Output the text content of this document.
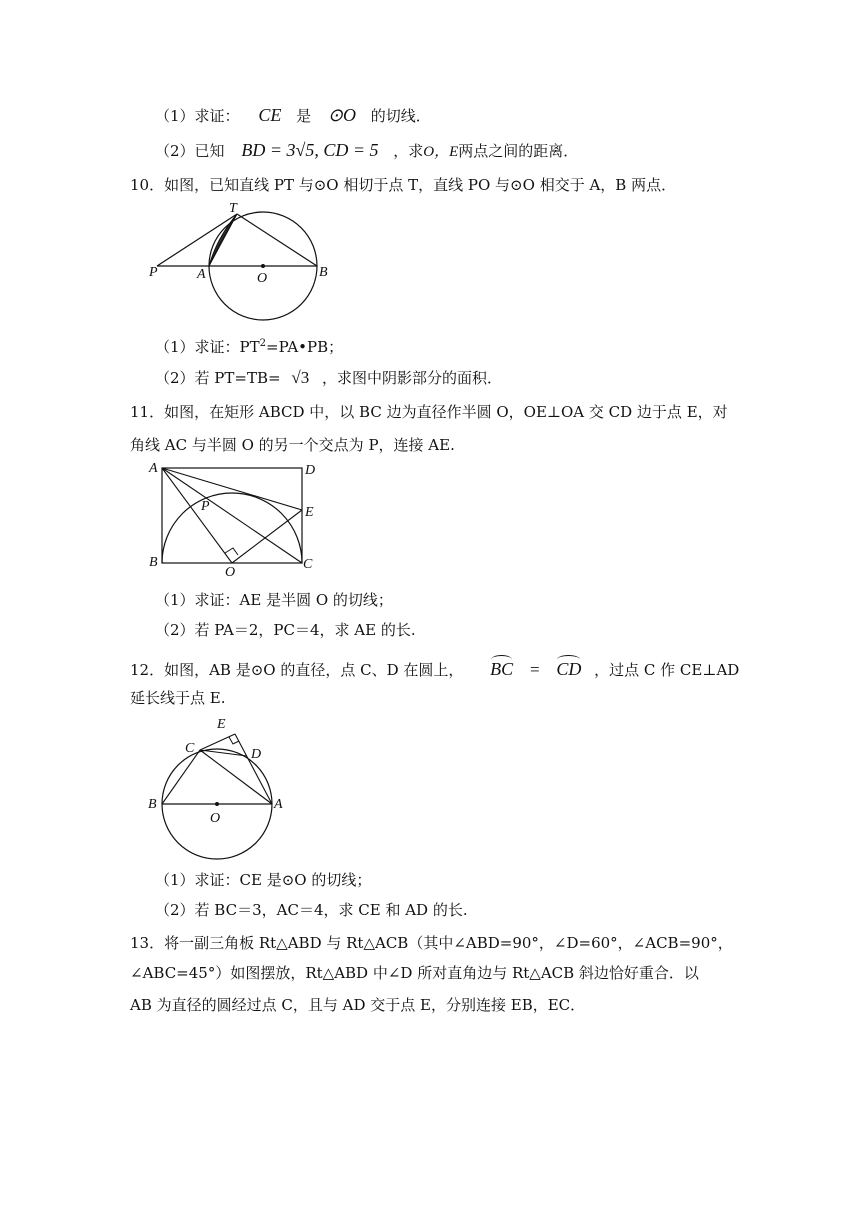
（1）求证： CE 是 ⊙O 的切线．
（2）已知 BD = 3√5, CD = 5 ，求O，E两点之间的距离．
10．如图，已知直线 PT 与⊙O 相切于点 T，直线 PO 与⊙O 相交于 A，B 两点．
T
P	A	O	B
（1）求证：$PT^2=PA•PB$；
（2）若 PT=TB= √3 ，求图中阴影部分的面积．
11．如图，在矩形 ABCD 中，以 BC 边为直径作半圆 O，OE⊥OA 交 CD 边于点 E，对
角线 AC 与半圆 O 的另一个交点为 P，连接 AE.
A	D
P	E
B
O
C
（1）求证：AE 是半圆 O 的切线；
（2）若 PA＝2，PC＝4，求 AE 的长.
12．如图，AB 是⊙O 的直径，点 C、D 在圆上， BC = CD ，过点 C 作 CE⊥AD
延长线于点 E.
E
C	D
B
O
A
（1）求证：CE 是⊙O 的切线；
（2）若 BC＝3，AC＝4，求 CE 和 AD 的长.
13．将一副三角板 Rt△ABD 与 Rt△ACB（其中∠ABD=90°，∠D=60°，∠ACB=90°，
∠ABC=45°）如图摆放，Rt△ABD 中∠D 所对直角边与 Rt△ACB 斜边恰好重合．以
AB 为直径的圆经过点 C，且与 AD 交于点 E，分别连接 EB，EC．
